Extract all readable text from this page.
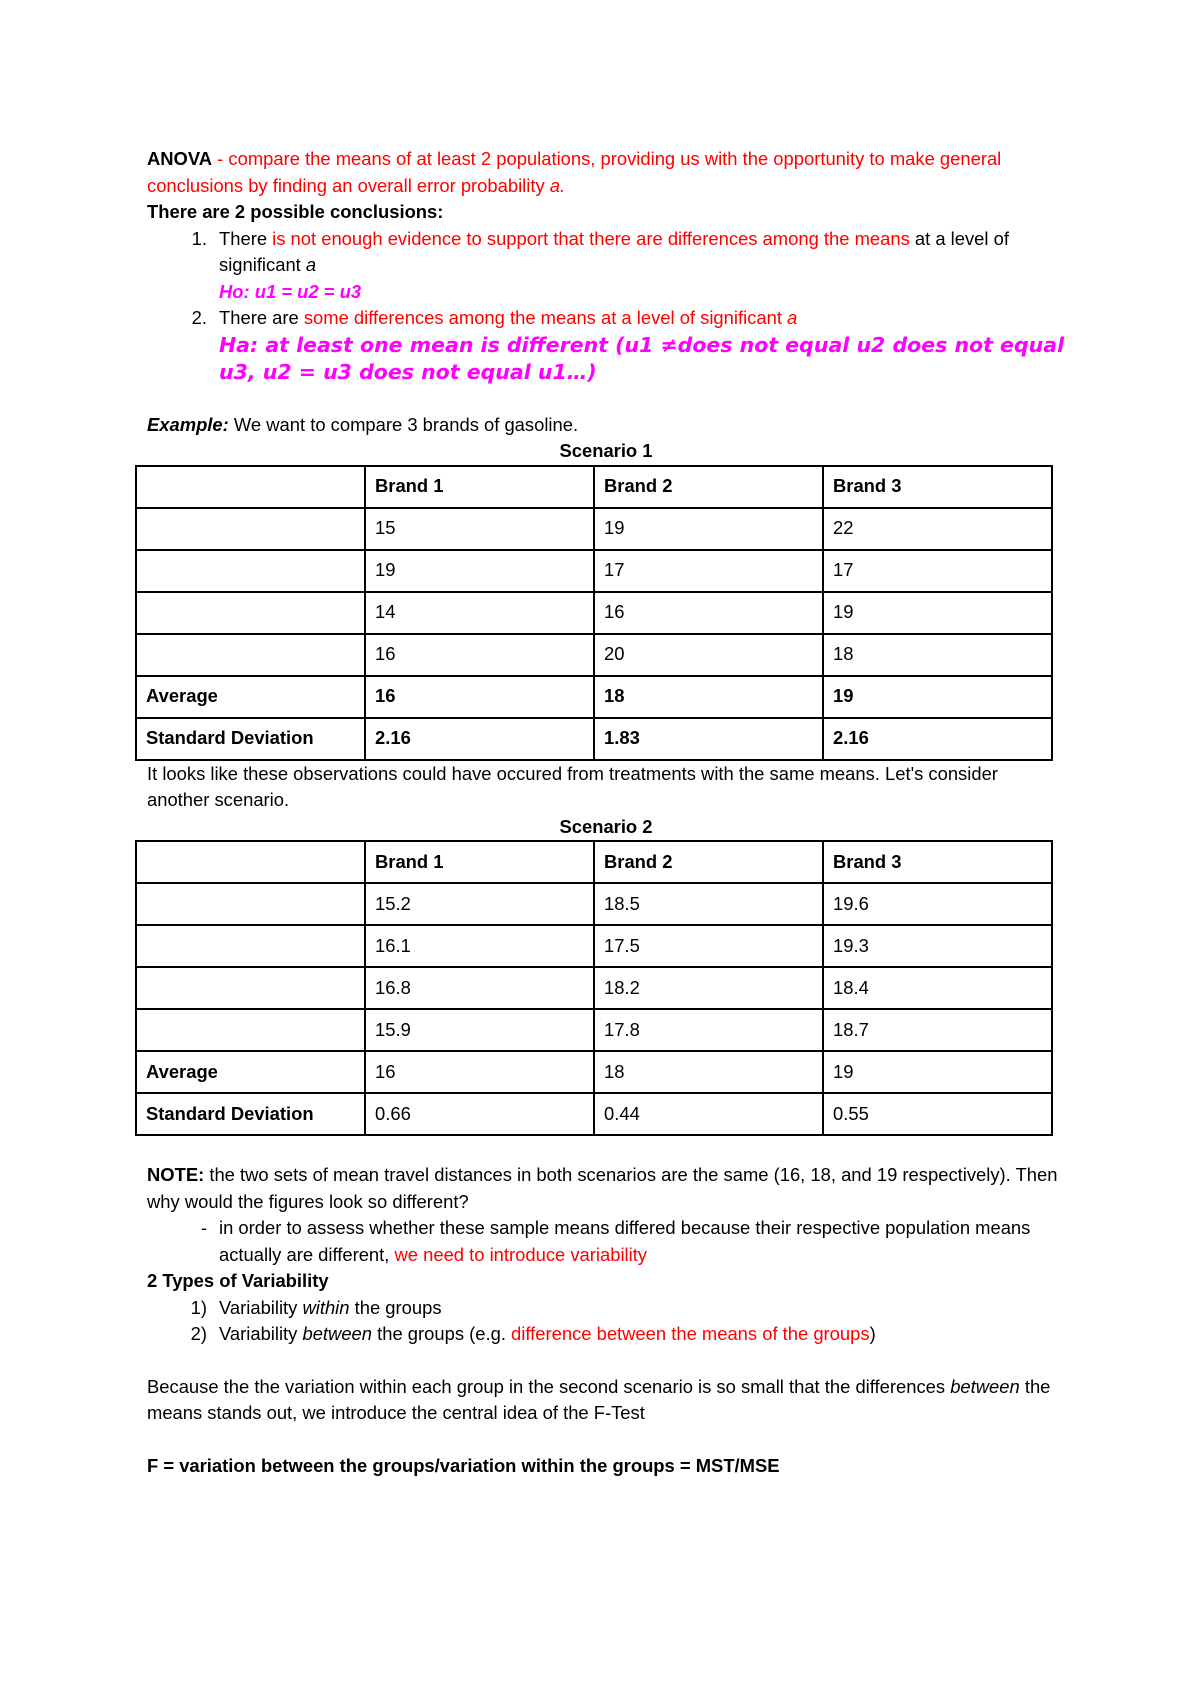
ANOVA - compare the means of at least 2 populations, providing us with the opportunity to make general conclusions by finding an overall error probability a.

There are 2 possible conclusions:

1. There is not enough evidence to support that there are differences among the means at a level of significant a
Ho: u1 = u2 = u3
2. There are some differences among the means at a level of significant a
Ha: at least one mean is different (u1 ≠does not equal u2 does not equal u3, u2 = u3 does not equal u1…)

Example: We want to compare 3 brands of gasoline.

Scenario 1

	Brand 1	Brand 2	Brand 3
	15	19	22
	19	17	17
	14	16	19
	16	20	18
Average	16	18	19
Standard Deviation	2.16	1.83	2.16

It looks like these observations could have occured from treatments with the same means. Let's consider another scenario.

Scenario 2

	Brand 1	Brand 2	Brand 3
	15.2	18.5	19.6
	16.1	17.5	19.3
	16.8	18.2	18.4
	15.9	17.8	18.7
Average	16	18	19
Standard Deviation	0.66	0.44	0.55

NOTE: the two sets of mean travel distances in both scenarios are the same (16, 18, and 19 respectively). Then why would the figures look so different?

- in order to assess whether these sample means differed because their respective population means actually are different, we need to introduce variability

2 Types of Variability

1) Variability within the groups
2) Variability between the groups (e.g. difference between the means of the groups)

Because the the variation within each group in the second scenario is so small that the differences between the means stands out, we introduce the central idea of the F-Test

F = variation between the groups/variation within the groups = MST/MSE
